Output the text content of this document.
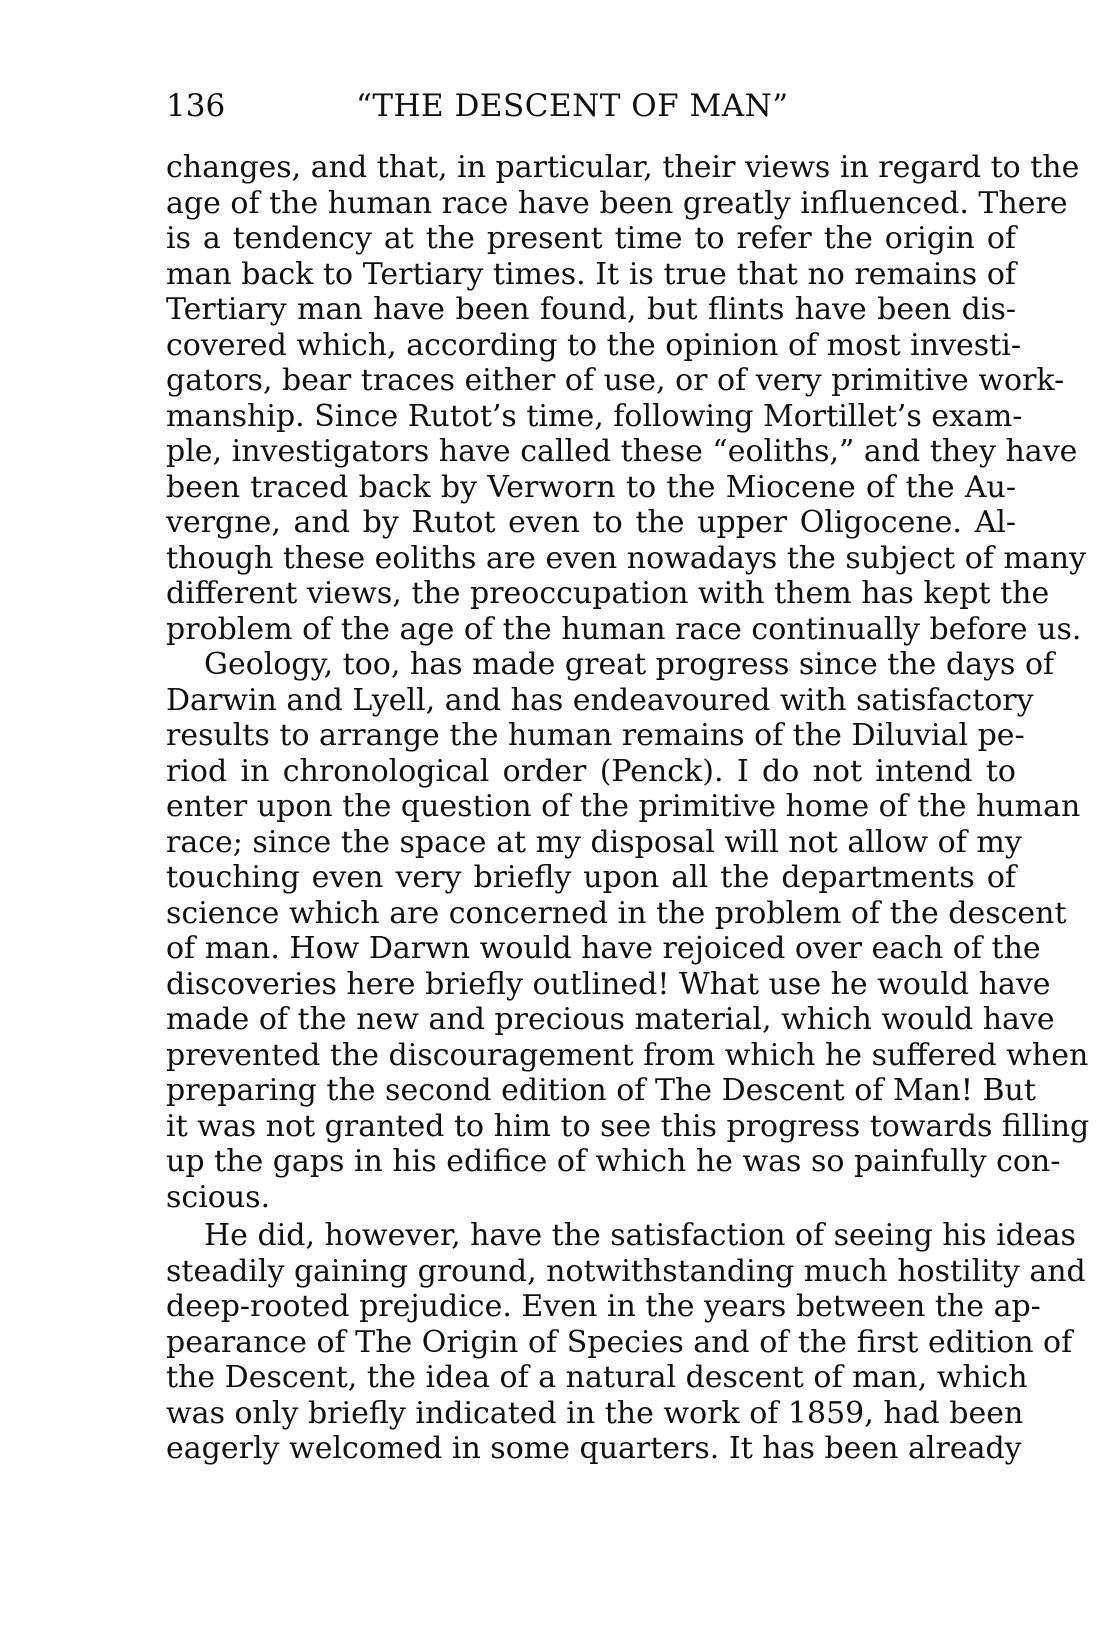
136	“THE DESCENT OF MAN”
changes, and that, in particular, their views in regard to the
age of the human race have been greatly influenced. There
is a tendency at the present time to refer the origin of
man back to Tertiary times. It is true that no remains of
Tertiary man have been found, but flints have been dis-
covered which, according to the opinion of most investi-
gators, bear traces either of use, or of very primitive work-
manship. Since Rutot’s time, following Mortillet’s exam-
ple, investigators have called these “eoliths,” and they have
been traced back by Verworn to the Miocene of the Au-
vergne, and by Rutot even to the upper Oligocene. Al-
though these eoliths are even nowadays the subject of many
different views, the preoccupation with them has kept the
problem of the age of the human race continually before us.
Geology, too, has made great progress since the days of
Darwin and Lyell, and has endeavoured with satisfactory
results to arrange the human remains of the Diluvial pe-
riod in chronological order (Penck). I do not intend to
enter upon the question of the primitive home of the human
race; since the space at my disposal will not allow of my
touching even very briefly upon all the departments of
science which are concerned in the problem of the descent
of man. How Darwn would have rejoiced over each of the
discoveries here briefly outlined! What use he would have
made of the new and precious material, which would have
prevented the discouragement from which he suffered when
preparing the second edition of The Descent of Man! But
it was not granted to him to see this progress towards filling
up the gaps in his edifice of which he was so painfully con-
scious.
He did, however, have the satisfaction of seeing his ideas
steadily gaining ground, notwithstanding much hostility and
deep-rooted prejudice. Even in the years between the ap-
pearance of The Origin of Species and of the first edition of
the Descent, the idea of a natural descent of man, which
was only briefly indicated in the work of 1859, had been
eagerly welcomed in some quarters. It has been already
